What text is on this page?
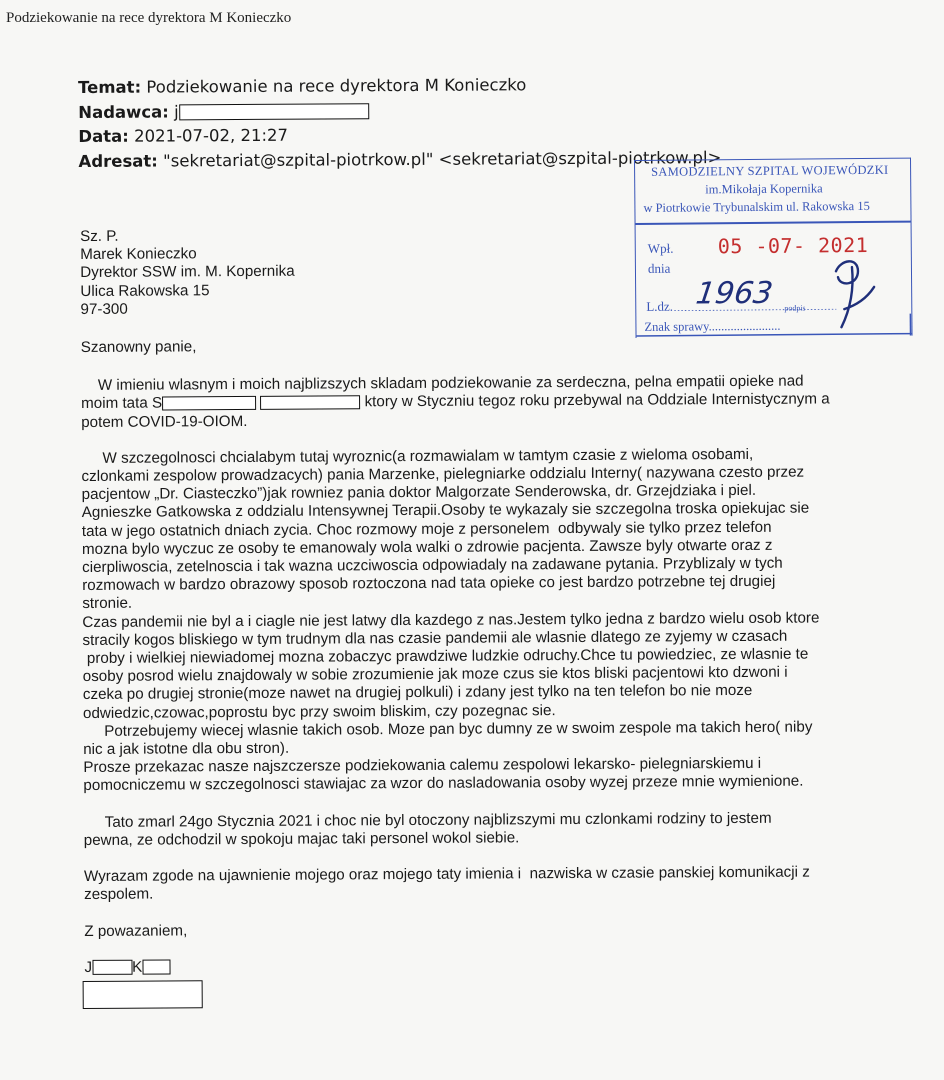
Podziekowanie na rece dyrektora M Konieczko
Temat: Podziekowanie na rece dyrektora M Konieczko
Nadawca: j
Data: 2021-07-02, 21:27
Adresat: "sekretariat@szpital-piotrkow.pl" <sekretariat@szpital-piotrkow.pl>
SAMODZIELNY SZPITAL WOJEWÓDZKI
im.Mikołaja Kopernika
w Piotrkowie Trybunalskim ul. Rakowska 15
Wpł.
dnia
05 -07- 2021
L.dz. 1963 podpis
Znak sprawy.......................
Sz. P.
Marek Konieczko
Dyrektor SSW im. M. Kopernika
Ulica Rakowska 15
97-300

Szanowny panie,

W imieniu wlasnym i moich najblizszych skladam podziekowanie za serdeczna, pelna empatii opieke nad
moim tata S	ktory w Styczniu tegoz roku przebywal na Oddziale Internistycznym a
potem COVID-19-OIOM.

W szczegolnosci chcialabym tutaj wyroznic(a rozmawialam w tamtym czasie z wieloma osobami,
czlonkami zespolow prowadzacych) pania Marzenke, pielegniarke oddzialu Interny( nazywana czesto przez
pacjentow „Dr. Ciasteczko”)jak rowniez pania doktor Malgorzate Senderowska, dr. Grzejdziaka i piel.
Agnieszke Gatkowska z oddzialu Intensywnej Terapii.Osoby te wykazaly sie szczegolna troska opiekujac sie
tata w jego ostatnich dniach zycia. Choc rozmowy moje z personelem  odbywaly sie tylko przez telefon
mozna bylo wyczuc ze osoby te emanowaly wola walki o zdrowie pacjenta. Zawsze byly otwarte oraz z
cierpliwoscia, zetelnoscia i tak wazna uczciwoscia odpowiadaly na zadawane pytania. Przyblizaly w tych
rozmowach w bardzo obrazowy sposob roztoczona nad tata opieke co jest bardzo potrzebne tej drugiej
stronie.
Czas pandemii nie byl a i ciagle nie jest latwy dla kazdego z nas.Jestem tylko jedna z bardzo wielu osob ktore
stracily kogos bliskiego w tym trudnym dla nas czasie pandemii ale wlasnie dlatego ze zyjemy w czasach
proby i wielkiej niewiadomej mozna zobaczyc prawdziwe ludzkie odruchy.Chce tu powiedziec, ze wlasnie te
osoby posrod wielu znajdowaly w sobie zrozumienie jak moze czus sie ktos bliski pacjentowi kto dzwoni i
czeka po drugiej stronie(moze nawet na drugiej polkuli) i zdany jest tylko na ten telefon bo nie moze
odwiedzic,czowac,poprostu byc przy swoim bliskim, czy pozegnac sie.
Potrzebujemy wiecej wlasnie takich osob. Moze pan byc dumny ze w swoim zespole ma takich hero( niby
nic a jak istotne dla obu stron).
Prosze przekazac nasze najszczersze podziekowania calemu zespolowi lekarsko- pielegniarskiemu i
pomocniczemu w szczegolnosci stawiajac za wzor do nasladowania osoby wyzej przeze mnie wymienione.

Tato zmarl 24go Stycznia 2021 i choc nie byl otoczony najblizszymi mu czlonkami rodziny to jestem
pewna, ze odchodzil w spokoju majac taki personel wokol siebie.

Wyrazam zgode na ujawnienie mojego oraz mojego taty imienia i  nazwiska w czasie panskiej komunikacji z
zespolem.

Z powazaniem,

J	K
